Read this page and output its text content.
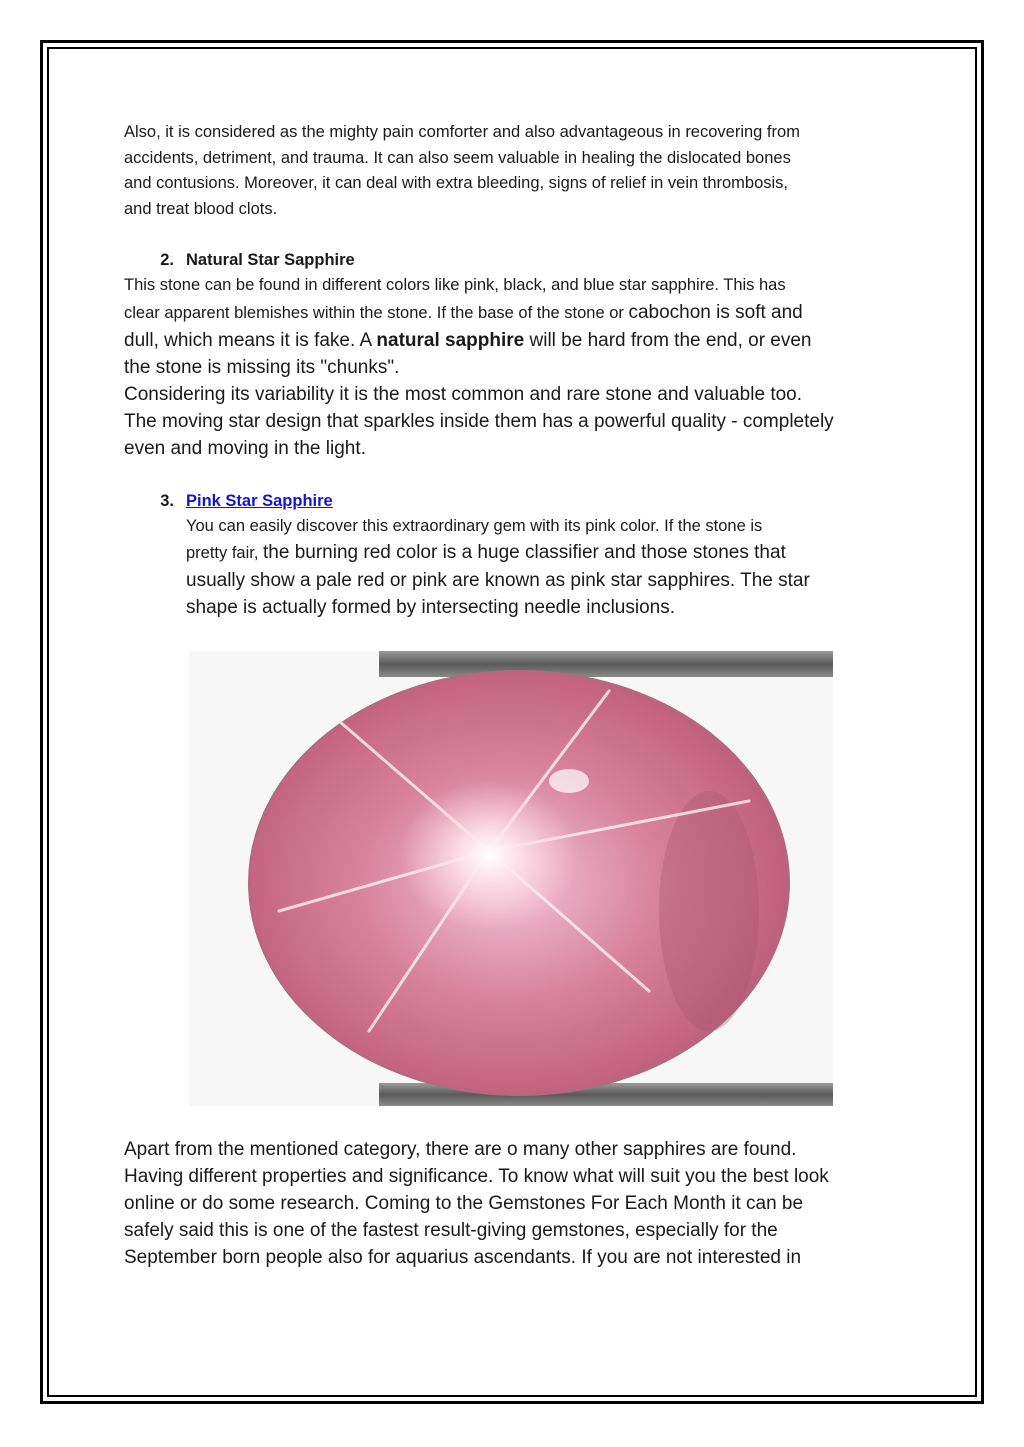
Also, it is considered as the mighty pain comforter and also advantageous in recovering from

accidents, detriment, and trauma. It can also seem valuable in healing the dislocated bones

and contusions. Moreover, it can deal with extra bleeding, signs of relief in vein thrombosis,

and treat blood clots.

2. Natural Star Sapphire

This stone can be found in different colors like pink, black, and blue star sapphire. This has

clear apparent blemishes within the stone. If the base of the stone or cabochon is soft and

dull, which means it is fake. A natural sapphire will be hard from the end, or even

the stone is missing its "chunks".

Considering its variability it is the most common and rare stone and valuable too.

The moving star design that sparkles inside them has a powerful quality - completely

even and moving in the light.

3. Pink Star Sapphire

You can easily discover this extraordinary gem with its pink color. If the stone is

pretty fair, the burning red color is a huge classifier and those stones that

usually show a pale red or pink are known as pink star sapphires. The star

shape is actually formed by intersecting needle inclusions.

Apart from the mentioned category, there are o many other sapphires are found.

Having different properties and significance. To know what will suit you the best look

online or do some research. Coming to the Gemstones For Each Month it can be

safely said this is one of the fastest result-giving gemstones, especially for the

September born people also for aquarius ascendants. If you are not interested in
